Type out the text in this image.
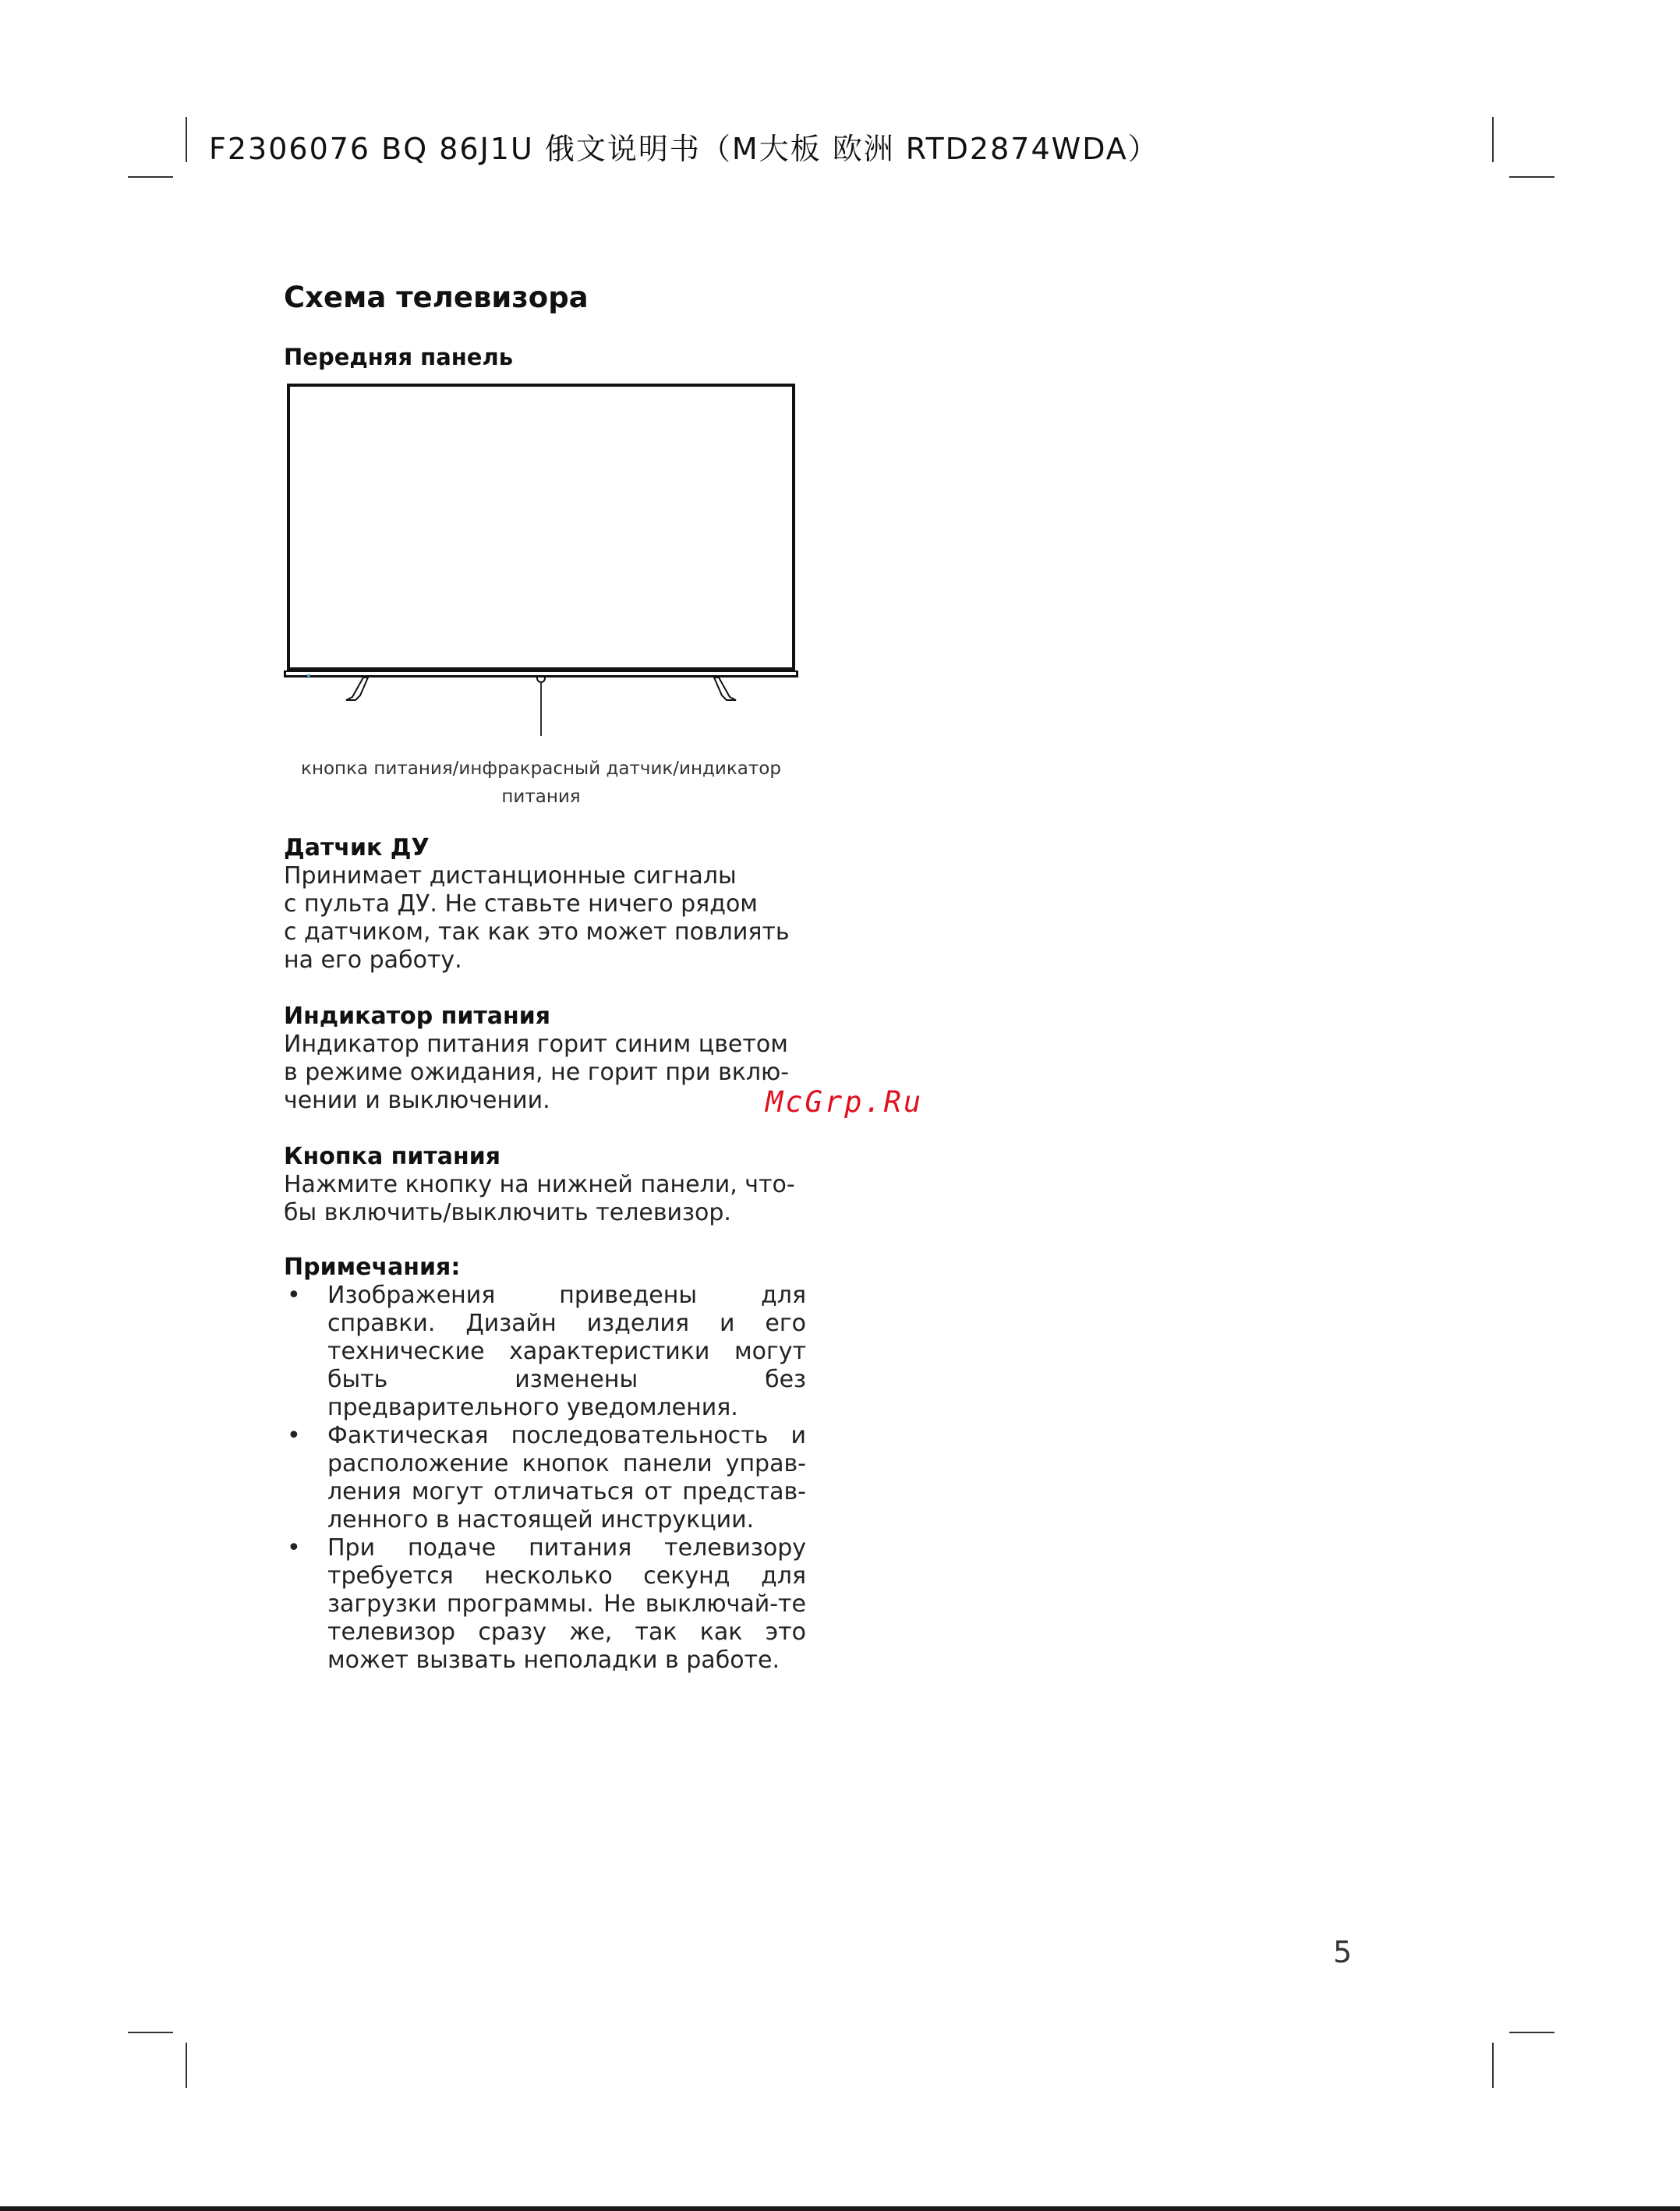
F2306076 BQ 86J1U 俄文说明书（M大板 欧洲 RTD2874WDA）
Схема телевизора
Передняя панель
кнопка питания/инфракрасный датчик/индикатор
питания
Датчик ДУ

Принимает дистанционные сигналы

с пульта ДУ. Не ставьте ничего рядом

с датчиком, так как это может повлиять

на его работу.

Индикатор питания

Индикатор питания горит синим цветом

в режиме ожидания, не горит при вклю-

чении и выключении.

Кнопка питания

Нажмите кнопку на нижней панели, что-

бы включить/выключить телевизор.

Примечания:
• Изображения приведены для справки. Дизайн изделия и его технические характеристики могут быть изменены без предварительного уведомления.
• Фактическая последовательность и расположение кнопок панели управ-ления могут отличаться от представ-ленного в настоящей инструкции.
• При подаче питания телевизору требуется несколько секунд для загрузки программы. Не выключай-те телевизор сразу же, так как это может вызвать неполадки в работе.
McGrp.Ru
5
